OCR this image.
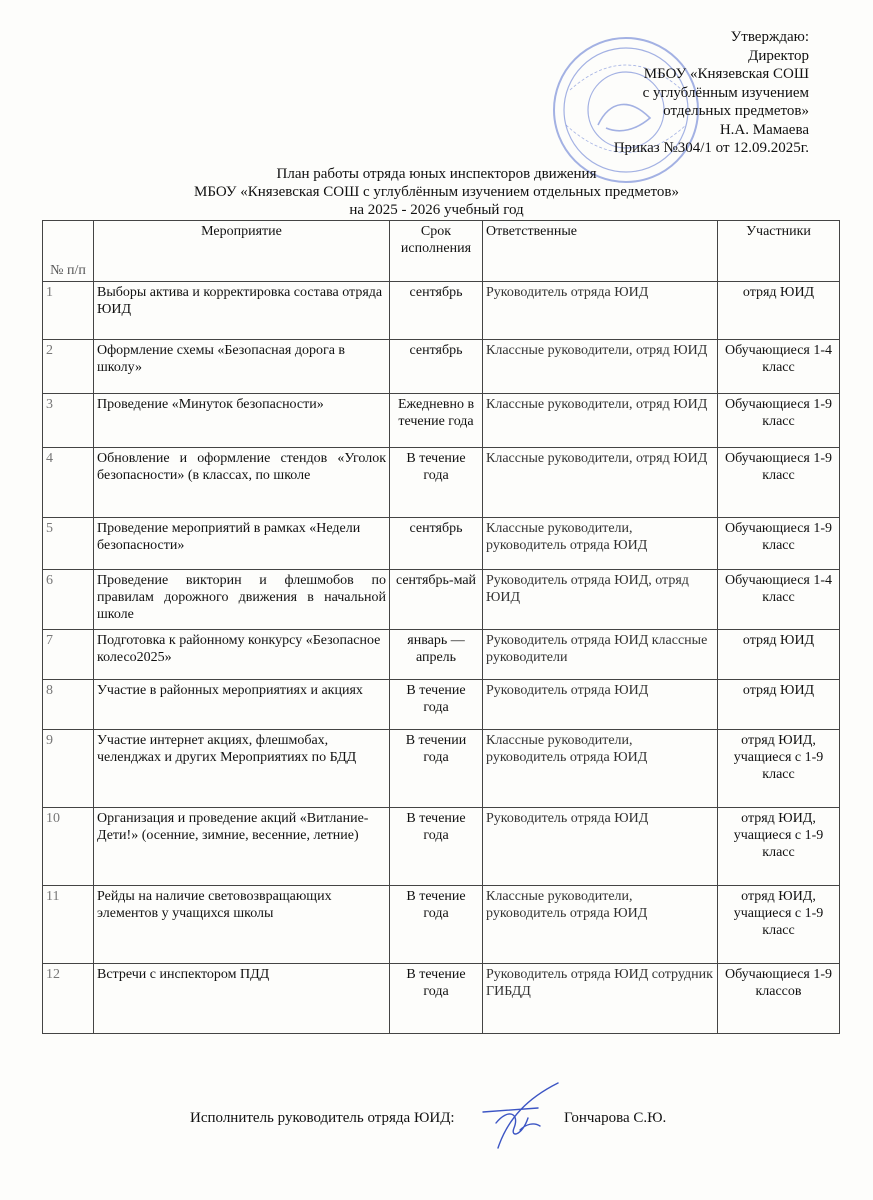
Утверждаю:
Директор
МБОУ «Князевская СОШ
с углублённым изучением
отдельных предметов»
Н.А. Мамаева
Приказ №304/1 от 12.09.2025г.
План работы отряда юных инспекторов движения
МБОУ «Князевская СОШ с углублённым изучением отдельных предметов»
на 2025 - 2026 учебный год
№ п/п	Мероприятие	Срок исполнения	Ответственные	Участники
1	Выборы актива и корректировка состава отряда ЮИД	сентябрь	Руководитель отряда ЮИД	отряд ЮИД
2	Оформление схемы «Безопасная дорога в школу»	сентябрь	Классные руководители, отряд ЮИД	Обучающиеся 1-4 класс
3	Проведение «Минуток безопасности»	Ежедневно в течение года	Классные руководители, отряд ЮИД	Обучающиеся 1-9 класс
4	Обновление и оформление стендов «Уголок безопасности» (в классах, по школе	В течение года	Классные руководители, отряд ЮИД	Обучающиеся 1-9 класс
5	Проведение мероприятий в рамках «Недели безопасности»	сентябрь	Классные руководители, руководитель отряда ЮИД	Обучающиеся 1-9 класс
6	Проведение викторин и флешмобов по правилам дорожного движения в начальной школе	сентябрь-май	Руководитель отряда ЮИД, отряд ЮИД	Обучающиеся 1-4 класс
7	Подготовка к районному конкурсу «Безопасное колесо2025»	январь — апрель	Руководитель отряда ЮИД классные руководители	отряд ЮИД
8	Участие в районных мероприятиях и акциях	В течение года	Руководитель отряда ЮИД	отряд ЮИД
9	Участие интернет акциях, флешмобах, челенджах и других Мероприятиях по БДД	В течении года	Классные руководители, руководитель отряда ЮИД	отряд ЮИД, учащиеся с 1-9 класс
10	Организация и проведение акций «Витлание-Дети!» (осенние, зимние, весенние, летние)	В течение года	Руководитель отряда ЮИД	отряд ЮИД, учащиеся с 1-9 класс
11	Рейды на наличие световозвращающих элементов у учащихся школы	В течение года	Классные руководители, руководитель отряда ЮИД	отряд ЮИД, учащиеся с 1-9 класс
12	Встречи с инспектором ПДД	В течение года	Руководитель отряда ЮИД сотрудник ГИБДД	Обучающиеся 1-9 классов
Исполнитель руководитель отряда ЮИД:	Гончарова С.Ю.
